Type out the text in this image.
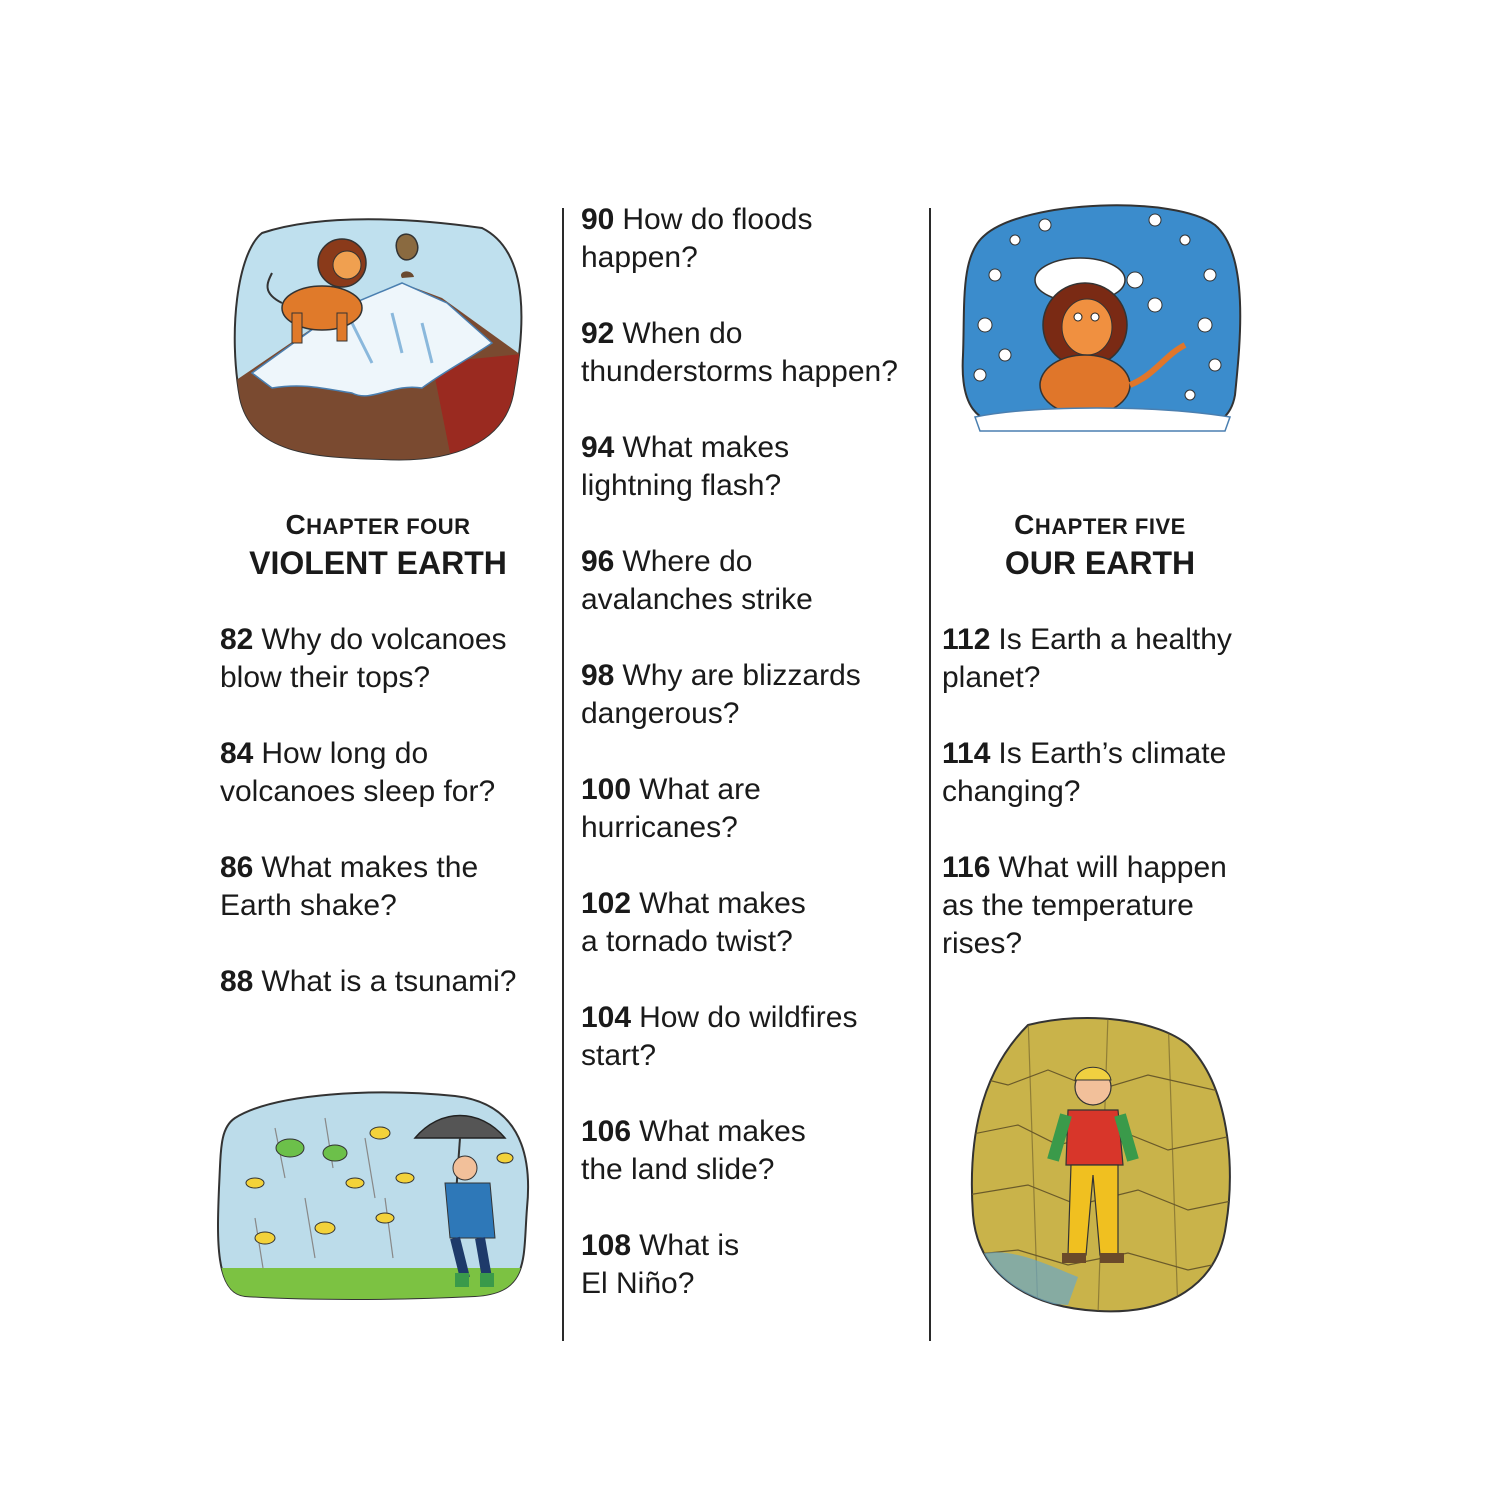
CHAPTER FOUR
VIOLENT EARTH
82 Why do volcanoes
blow their tops?
84 How long do
volcanoes sleep for?
86 What makes the
Earth shake?
88 What is a tsunami?
90 How do floods
happen?
92 When do
thunderstorms happen?
94 What makes
lightning flash?
96 Where do
avalanches strike
98 Why are blizzards
dangerous?
100 What are
hurricanes?
102 What makes
a tornado twist?
104 How do wildfires
start?
106 What makes
the land slide?
108 What is
El Niño?
CHAPTER FIVE
OUR EARTH
112 Is Earth a healthy
planet?
114 Is Earth’s climate
changing?
116 What will happen
as the temperature
rises?
